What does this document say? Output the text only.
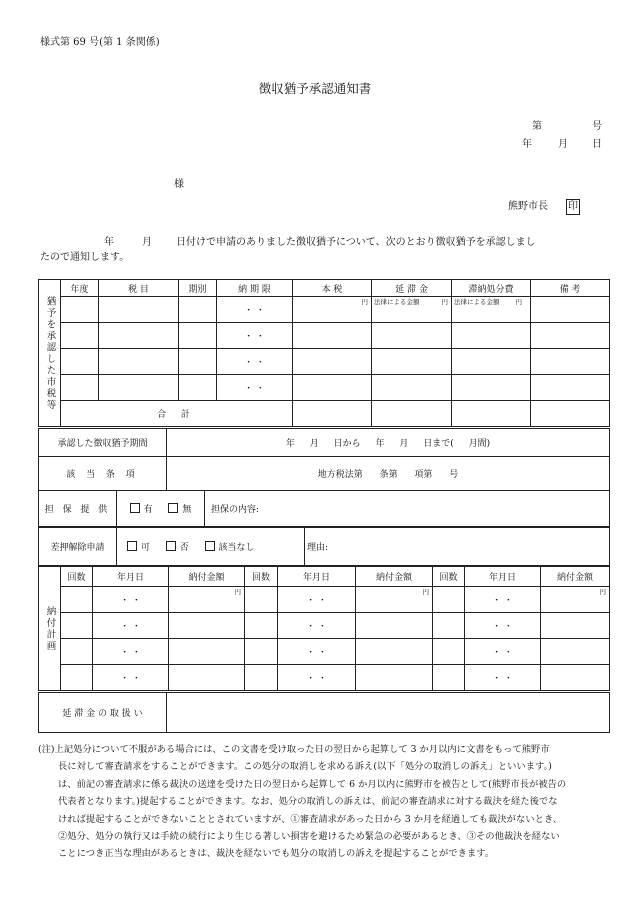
様式第 69 号(第 1 条関係)
徴収猶予承認通知書
第	号
年	月 日
様
熊野市長 印
年	月 日付けで申請のありました徴収猶予について、次のとおり徴収猶予を承認しまし
たので通知します。
猶予を承認した市税等	年度	税 目	期別	納 期 限	本 税	延 滞 金	滞納処分費	備 考
				・ ・	円	法律による金額 円	法律による金額 円	

				・ ・				
				・ ・				
				・ ・				
	合 計							
承認した徴収猶予期間	年 月 日から 年 月 日まで( 月間)
該 当 条 項	地方税法第 条第 項第 号
担 保 提 供	有	無	担保の内容:
差押解除申請	可	否	該当なし	理由:
納付計画	回数	年月日	納付金額	回数	年月日	納付金額	回数	年月日	納付金額
		・ ・	円		・ ・	円		・ ・	円
		・ ・			・ ・			・ ・	
		・ ・			・ ・			・ ・	
		・ ・			・ ・			・ ・	
延 滞 金 の 取 扱 い	
(注)上記処分について不服がある場合には、この文書を受け取った日の翌日から起算して 3 か月以内に文書をもって熊野市
長に対して審査請求をすることができます。この処分の取消しを求める訴え(以下「処分の取消しの訴え」といいます。)
は、前記の審査請求に係る裁決の送達を受けた日の翌日から起算して 6 か月以内に熊野市を被告として(熊野市長が被告の
代表者となります。)提起することができます。なお、処分の取消しの訴えは、前記の審査請求に対する裁決を経た後でな
ければ提起することができないこととされていますが、①審査請求があった日から 3 か月を経過しても裁決がないとき、
②処分、処分の執行又は手続の続行により生じる著しい損害を避けるため緊急の必要があるとき、③その他裁決を経ない
ことにつき正当な理由があるときは、裁決を経ないでも処分の取消しの訴えを提起することができます。
